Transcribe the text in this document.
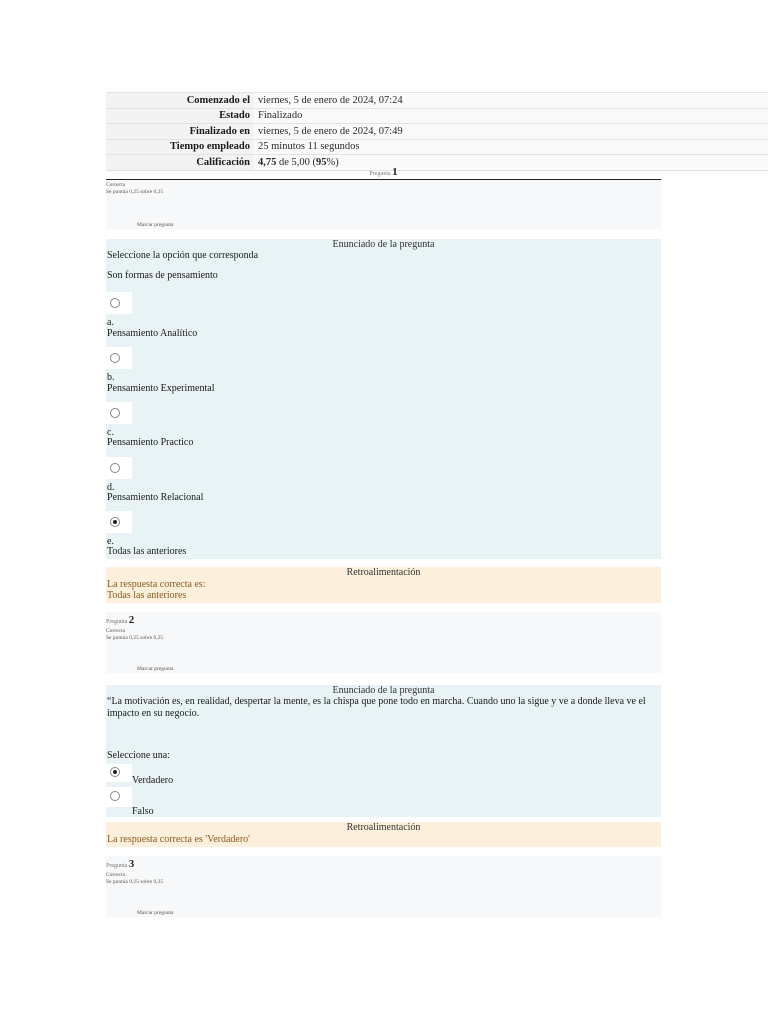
Comenzado el	viernes, 5 de enero de 2024, 07:24
Estado	Finalizado
Finalizado en	viernes, 5 de enero de 2024, 07:49
Tiempo empleado	25 minutos 11 segundos
Calificación	4,75 de 5,00 (95%)
Pregunta 1
Correcta
Se puntúa 0,25 sobre 0,25
Marcar pregunta
Enunciado de la pregunta
Seleccione la opción que corresponda
Son formas de pensamiento
a.
Pensamiento Analítico
b.
Pensamiento Experimental
c.
Pensamiento Practico
d.
Pensamiento Relacional
e.
Todas las anteriores
Retroalimentación
La respuesta correcta es:
Todas las anteriores
Pregunta 2
Correcta
Se puntúa 0,25 sobre 0,25
Marcar pregunta
Enunciado de la pregunta
“La motivación es, en realidad, despertar la mente, es la chispa que pone todo en marcha. Cuando uno la sigue y ve a donde lleva ve el impacto en su negocio.
Seleccione una:
Verdadero
Falso
Retroalimentación
La respuesta correcta es 'Verdadero'
Pregunta 3
Correcta
Se puntúa 0,25 sobre 0,25
Marcar pregunta
